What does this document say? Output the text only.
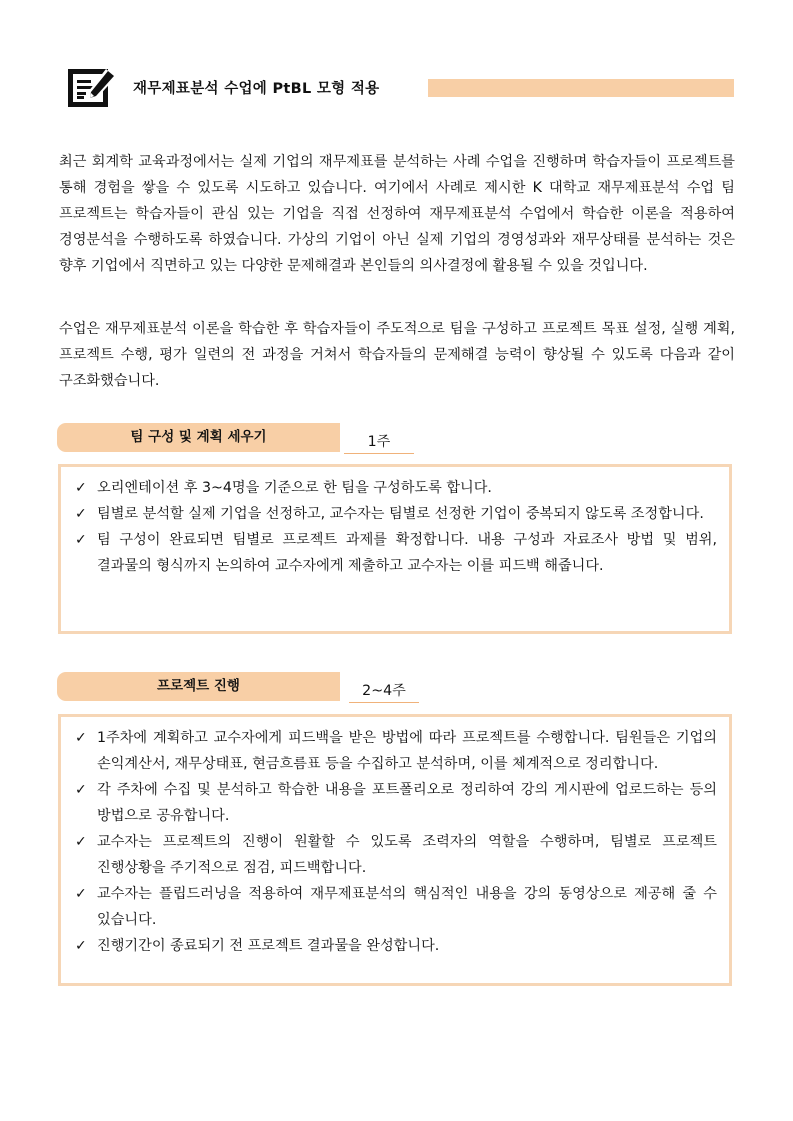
재무제표분석 수업에 PtBL 모형 적용

최근 회계학 교육과정에서는 실제 기업의 재무제표를 분석하는 사례 수업을 진행하며 학습자들이 프로젝트를 통해 경험을 쌓을 수 있도록 시도하고 있습니다. 여기에서 사례로 제시한 K 대학교 재무제표분석 수업 팀 프로젝트는 학습자들이 관심 있는 기업을 직접 선정하여 재무제표분석 수업에서 학습한 이론을 적용하여 경영분석을 수행하도록 하였습니다. 가상의 기업이 아닌 실제 기업의 경영성과와 재무상태를 분석하는 것은 향후 기업에서 직면하고 있는 다양한 문제해결과 본인들의 의사결정에 활용될 수 있을 것입니다.

수업은 재무제표분석 이론을 학습한 후 학습자들이 주도적으로 팀을 구성하고 프로젝트 목표 설정, 실행 계획, 프로젝트 수행, 평가 일련의 전 과정을 거쳐서 학습자들의 문제해결 능력이 향상될 수 있도록 다음과 같이 구조화했습니다.

팀 구성 및 계획 세우기	1주
✓ 오리엔테이션 후 3~4명을 기준으로 한 팀을 구성하도록 합니다.
✓ 팀별로 분석할 실제 기업을 선정하고, 교수자는 팀별로 선정한 기업이 중복되지 않도록 조정합니다.
✓ 팀 구성이 완료되면 팀별로 프로젝트 과제를 확정합니다. 내용 구성과 자료조사 방법 및 범위, 결과물의 형식까지 논의하여 교수자에게 제출하고 교수자는 이를 피드백 해줍니다.
프로젝트 진행	2~4주
✓ 1주차에 계획하고 교수자에게 피드백을 받은 방법에 따라 프로젝트를 수행합니다. 팀원들은 기업의 손익계산서, 재무상태표, 현금흐름표 등을 수집하고 분석하며, 이를 체계적으로 정리합니다.
✓ 각 주차에 수집 및 분석하고 학습한 내용을 포트폴리오로 정리하여 강의 게시판에 업로드하는 등의 방법으로 공유합니다.
✓ 교수자는 프로젝트의 진행이 원활할 수 있도록 조력자의 역할을 수행하며, 팀별로 프로젝트 진행상황을 주기적으로 점검, 피드백합니다.
✓ 교수자는 플립드러닝을 적용하여 재무제표분석의 핵심적인 내용을 강의 동영상으로 제공해 줄 수 있습니다.
✓ 진행기간이 종료되기 전 프로젝트 결과물을 완성합니다.
